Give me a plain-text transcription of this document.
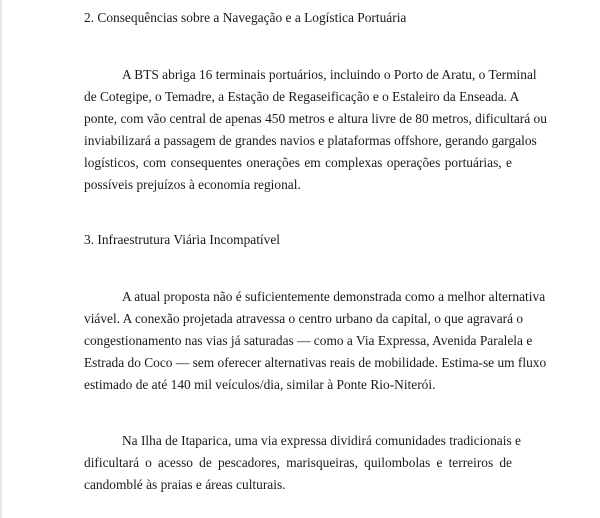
2. Consequências sobre a Navegação e a Logística Portuária

A BTS abriga 16 terminais portuários, incluindo o Porto de Aratu, o Terminal
de Cotegipe, o Temadre, a Estação de Regaseificação e o Estaleiro da Enseada. A
ponte, com vão central de apenas 450 metros e altura livre de 80 metros, dificultará ou
inviabilizará a passagem de grandes navios e plataformas offshore, gerando gargalos
logísticos, com consequentes onerações em complexas operações portuárias, e
possíveis prejuízos à economia regional.

3. Infraestrutura Viária Incompatível

A atual proposta não é suficientemente demonstrada como a melhor alternativa
viável. A conexão projetada atravessa o centro urbano da capital, o que agravará o
congestionamento nas vias já saturadas — como a Via Expressa, Avenida Paralela e
Estrada do Coco — sem oferecer alternativas reais de mobilidade. Estima-se um fluxo
estimado de até 140 mil veículos/dia, similar à Ponte Rio-Niterói.
Na Ilha de Itaparica, uma via expressa dividirá comunidades tradicionais e
dificultará o acesso de pescadores, marisqueiras, quilombolas e terreiros de
candomblé às praias e áreas culturais.
